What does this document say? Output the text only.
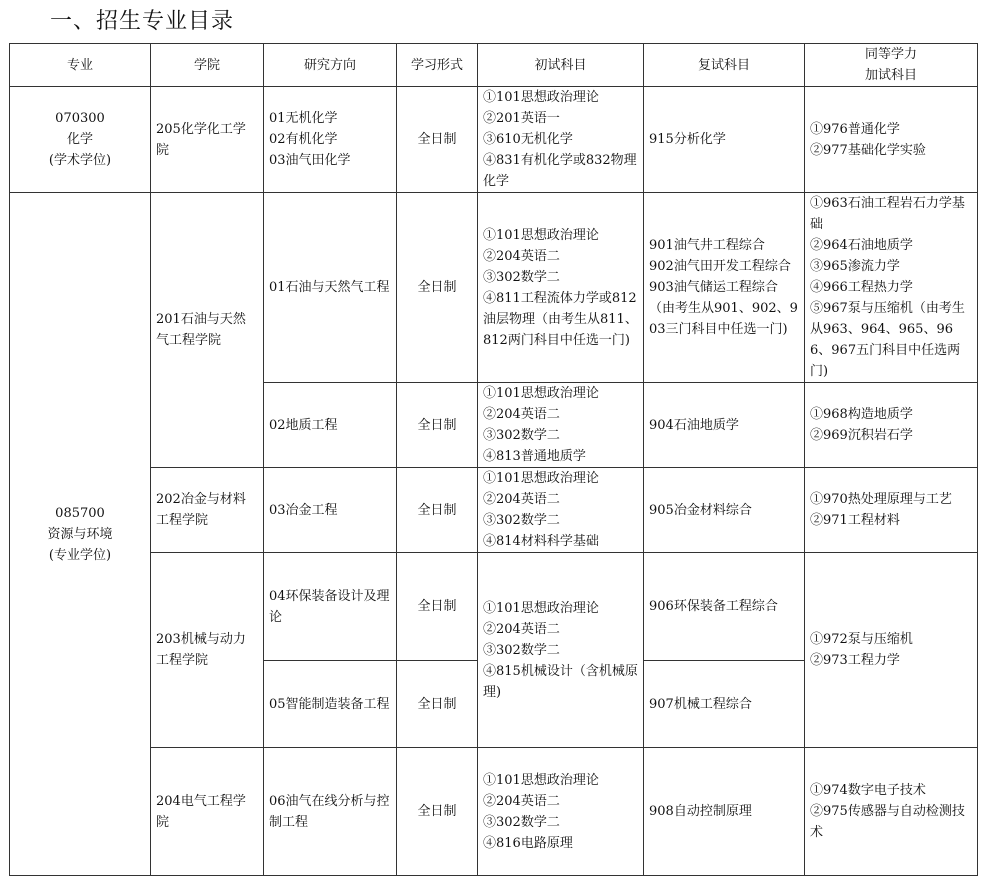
一、招生专业目录
专业	学院	研究方向	学习形式	初试科目	复试科目	同等学力
加试科目

070300
化学
(学术学位)	205化学化工学院	01无机化学
02有机化学
03油气田化学	全日制	①101思想政治理论
②201英语一
③610无机化学
④831有机化学或832物理化学	915分析化学	①976普通化学
②977基础化学实验

085700
资源与环境
(专业学位)	201石油与天然气工程学院	01石油与天然气工程	全日制	①101思想政治理论
②204英语二
③302数学二
④811工程流体力学或812油层物理（由考生从811、812两门科目中任选一门)	901油气井工程综合
902油气田开发工程综合
903油气储运工程综合（由考生从901、902、903三门科目中任选一门)	①963石油工程岩石力学基础
②964石油地质学
③965渗流力学
④966工程热力学
⑤967泵与压缩机（由考生从963、964、965、966、967五门科目中任选两门)

		02地质工程	全日制	①101思想政治理论
②204英语二
③302数学二
④813普通地质学	904石油地质学	①968构造地质学
②969沉积岩石学

	202冶金与材料工程学院	03冶金工程	全日制	①101思想政治理论
②204英语二
③302数学二
④814材料科学基础	905冶金材料综合	①970热处理原理与工艺
②971工程材料

	203机械与动力工程学院	04环保装备设计及理论	全日制	①101思想政治理论
②204英语二
③302数学二
④815机械设计（含机械原理)	906环保装备工程综合	①972泵与压缩机
②973工程力学

		05智能制造装备工程	全日制		907机械工程综合	

	204电气工程学院	06油气在线分析与控制工程	全日制	①101思想政治理论
②204英语二
③302数学二
④816电路原理	908自动控制原理	①974数字电子技术
②975传感器与自动检测技术
